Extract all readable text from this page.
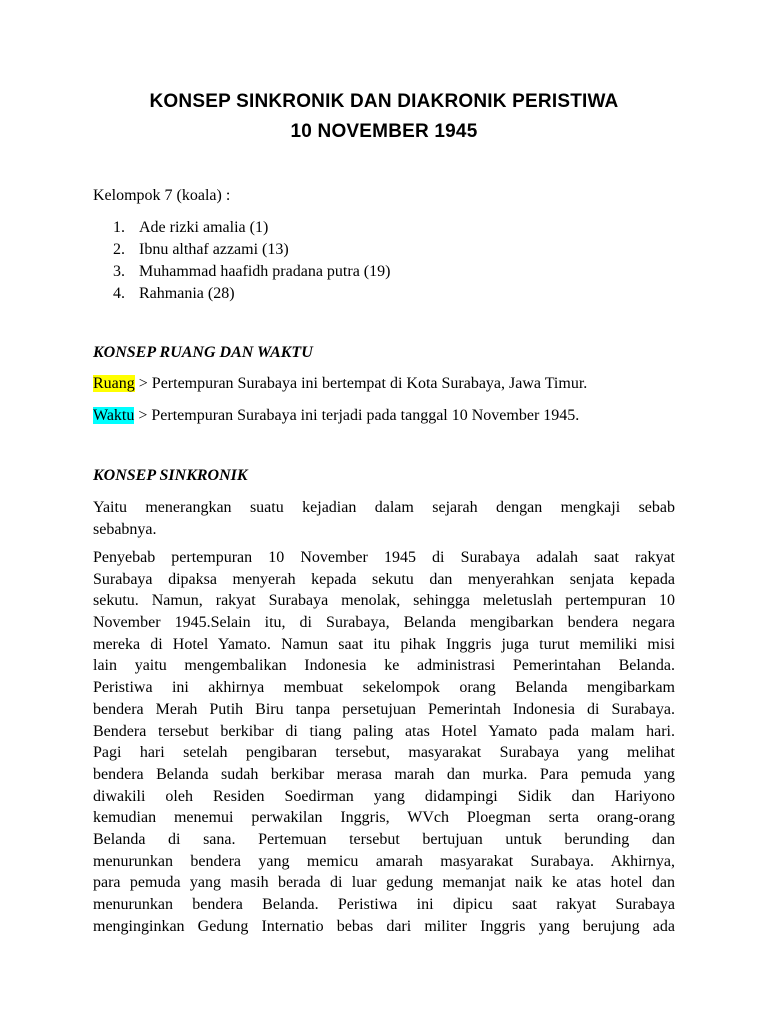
KONSEP SINKRONIK DAN DIAKRONIK PERISTIWA
10 NOVEMBER 1945

Kelompok 7 (koala) :

1. Ade rizki amalia (1)
2. Ibnu althaf azzami (13)
3. Muhammad haafidh pradana putra (19)
4. Rahmania (28)
KONSEP RUANG DAN WAKTU

Ruang > Pertempuran Surabaya ini bertempat di Kota Surabaya, Jawa Timur.

Waktu > Pertempuran Surabaya ini terjadi pada tanggal 10 November 1945.

KONSEP SINKRONIK
Yaitu menerangkan suatu kejadian dalam sejarah dengan mengkaji sebab
sebabnya.
Penyebab pertempuran 10 November 1945 di Surabaya adalah saat rakyat
Surabaya dipaksa menyerah kepada sekutu dan menyerahkan senjata kepada
sekutu. Namun, rakyat Surabaya menolak, sehingga meletuslah pertempuran 10
November 1945.Selain itu, di Surabaya, Belanda mengibarkan bendera negara
mereka di Hotel Yamato. Namun saat itu pihak Inggris juga turut memiliki misi
lain yaitu mengembalikan Indonesia ke administrasi Pemerintahan Belanda.
Peristiwa ini akhirnya membuat sekelompok orang Belanda mengibarkam
bendera Merah Putih Biru tanpa persetujuan Pemerintah Indonesia di Surabaya.
Bendera tersebut berkibar di tiang paling atas Hotel Yamato pada malam hari.
Pagi hari setelah pengibaran tersebut, masyarakat Surabaya yang melihat
bendera Belanda sudah berkibar merasa marah dan murka. Para pemuda yang
diwakili oleh Residen Soedirman yang didampingi Sidik dan Hariyono
kemudian menemui perwakilan Inggris, WVch Ploegman serta orang-orang
Belanda di sana. Pertemuan tersebut bertujuan untuk berunding dan
menurunkan bendera yang memicu amarah masyarakat Surabaya. Akhirnya,
para pemuda yang masih berada di luar gedung memanjat naik ke atas hotel dan
menurunkan bendera Belanda. Peristiwa ini dipicu saat rakyat Surabaya
menginginkan Gedung Internatio bebas dari militer Inggris yang berujung ada
